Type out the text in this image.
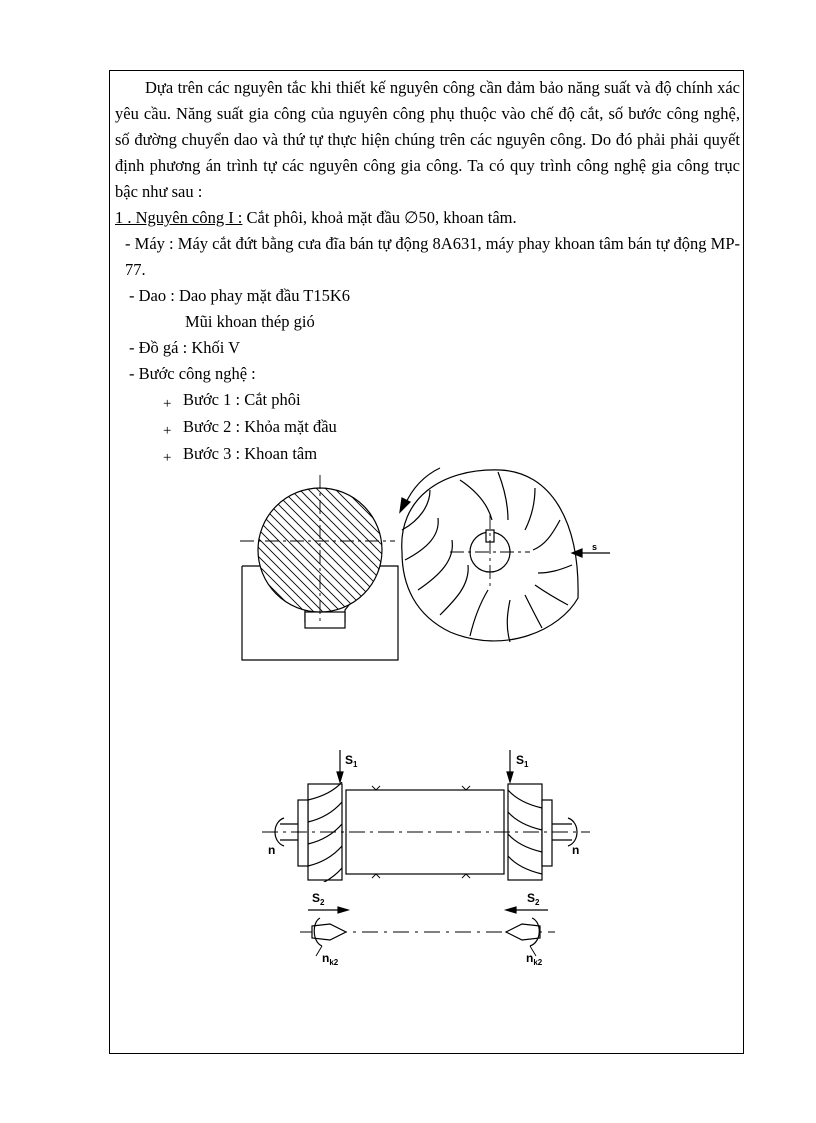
Dựa trên các nguyên tắc khi thiết kế nguyên công cần đảm bảo năng suất và độ chính xác yêu cầu. Năng suất gia công của nguyên công phụ thuộc vào chế độ cắt, số bước công nghệ, số đường chuyển dao và thứ tự thực hiện chúng trên các nguyên công. Do đó phải phải quyết định phương án trình tự các nguyên công gia công. Ta có quy trình công nghệ gia công trục bậc như sau :

1 . Nguyên công I : Cắt phôi, khoả mặt đầu ∅50, khoan tâm.

- Máy : Máy cắt đứt bằng cưa đĩa bán tự động 8A631, máy phay khoan tâm bán tự động MP-77.

- Dao : Dao phay mặt đầu T15K6

Mũi khoan thép gió

- Đồ gá : Khối V

- Bước công nghệ :

+ Bước 1 : Cắt phôi

+ Bước 2 : Khỏa mặt đầu

+ Bước 3 : Khoan tâm

s
$S_1$	$S_1$
$S_2$	$S_2$
n	n
$n_{k2}$	$n_{k2}$
